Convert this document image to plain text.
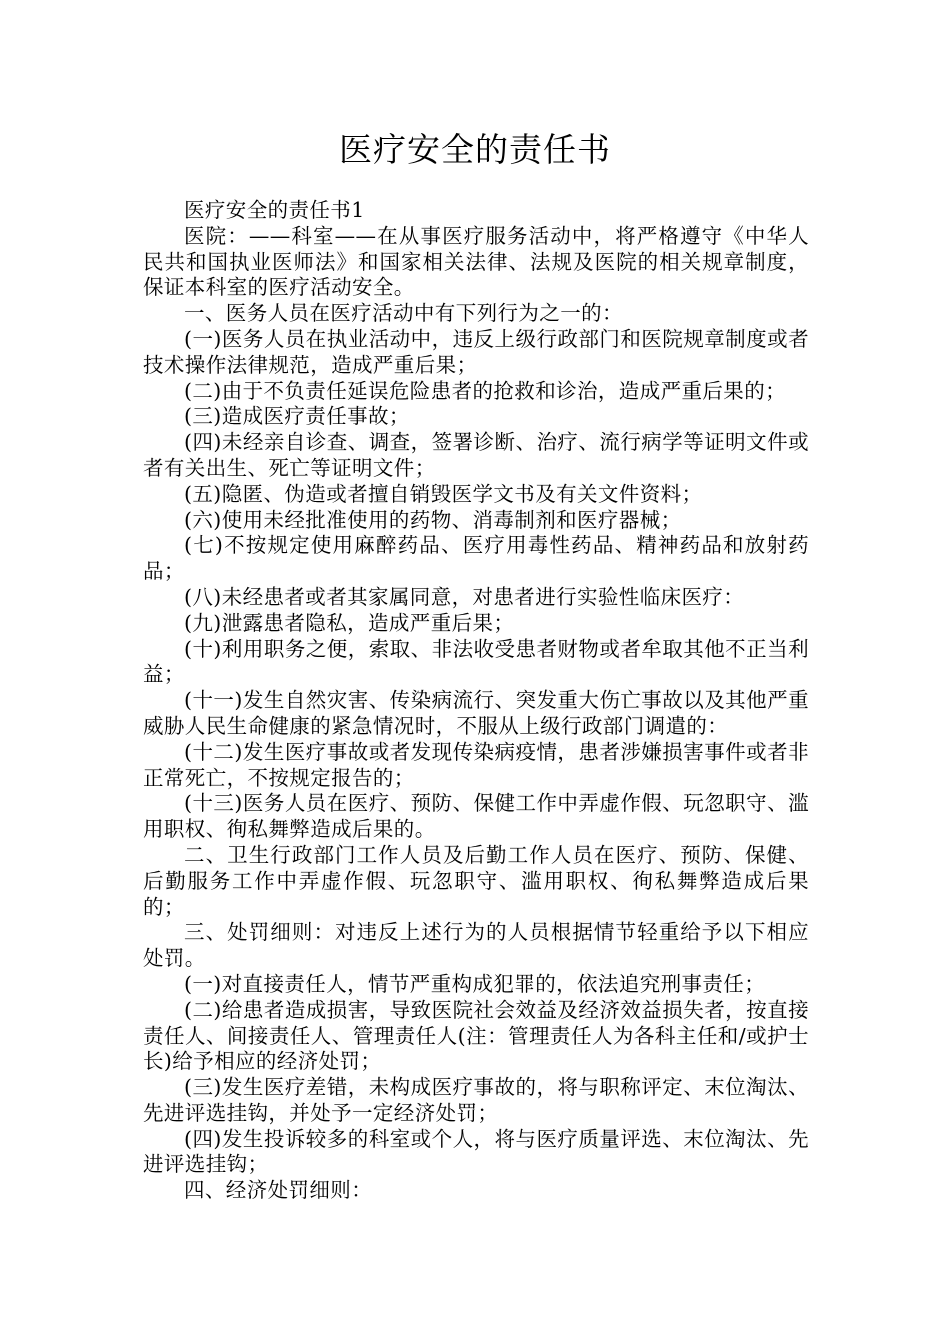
医疗安全的责任书

医疗安全的责任书1

医院：——科室——在从事医疗服务活动中，将严格遵守《中华人民共和国执业医师法》和国家相关法律、法规及医院的相关规章制度，保证本科室的医疗活动安全。

一、医务人员在医疗活动中有下列行为之一的：

(一)医务人员在执业活动中，违反上级行政部门和医院规章制度或者技术操作法律规范，造成严重后果；

(二)由于不负责任延误危险患者的抢救和诊治，造成严重后果的；

(三)造成医疗责任事故；

(四)未经亲自诊查、调查，签署诊断、治疗、流行病学等证明文件或者有关出生、死亡等证明文件；

(五)隐匿、伪造或者擅自销毁医学文书及有关文件资料；

(六)使用未经批准使用的药物、消毒制剂和医疗器械；

(七)不按规定使用麻醉药品、医疗用毒性药品、精神药品和放射药品；

(八)未经患者或者其家属同意，对患者进行实验性临床医疗：

(九)泄露患者隐私，造成严重后果；

(十)利用职务之便，索取、非法收受患者财物或者牟取其他不正当利益；

(十一)发生自然灾害、传染病流行、突发重大伤亡事故以及其他严重威胁人民生命健康的紧急情况时，不服从上级行政部门调遣的：

(十二)发生医疗事故或者发现传染病疫情，患者涉嫌损害事件或者非正常死亡，不按规定报告的；

(十三)医务人员在医疗、预防、保健工作中弄虚作假、玩忽职守、滥用职权、徇私舞弊造成后果的。

二、卫生行政部门工作人员及后勤工作人员在医疗、预防、保健、后勤服务工作中弄虚作假、玩忽职守、滥用职权、徇私舞弊造成后果的；

三、处罚细则：对违反上述行为的人员根据情节轻重给予以下相应处罚。

(一)对直接责任人，情节严重构成犯罪的，依法追究刑事责任；

(二)给患者造成损害，导致医院社会效益及经济效益损失者，按直接责任人、间接责任人、管理责任人(注：管理责任人为各科主任和/或护士长)给予相应的经济处罚；

(三)发生医疗差错，未构成医疗事故的，将与职称评定、末位淘汰、先进评选挂钩，并处予一定经济处罚；

(四)发生投诉较多的科室或个人，将与医疗质量评选、末位淘汰、先进评选挂钩；

四、经济处罚细则：
